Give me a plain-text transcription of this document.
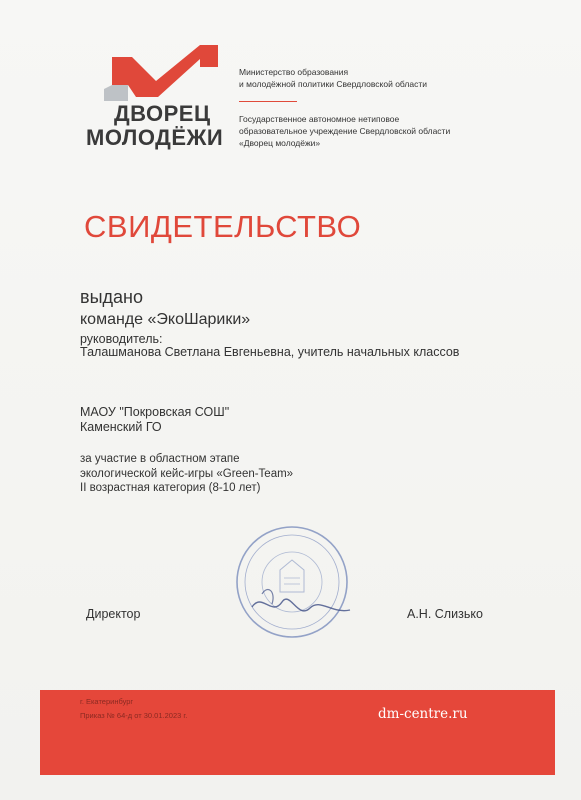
ДВОРЕЦ
МОЛОДЁЖИ
Министерство образования
и молодёжной политики Свердловской области
Государственное автономное нетиповое
образовательное учреждение Свердловской области
«Дворец молодёжи»
СВИДЕТЕЛЬСТВО
выдано
команде «ЭкоШарики»
руководитель:
Талашманова Светлана Евгеньевна, учитель начальных классов
МАОУ "Покровская СОШ"
Каменский ГО
за участие в областном этапе
экологической кейс-игры «Green-Team»
II возрастная категория (8-10 лет)
Директор	А.Н. Слизько
г. Екатеринбург
Приказ № 64-д от 30.01.2023 г.	dm-centre.ru
